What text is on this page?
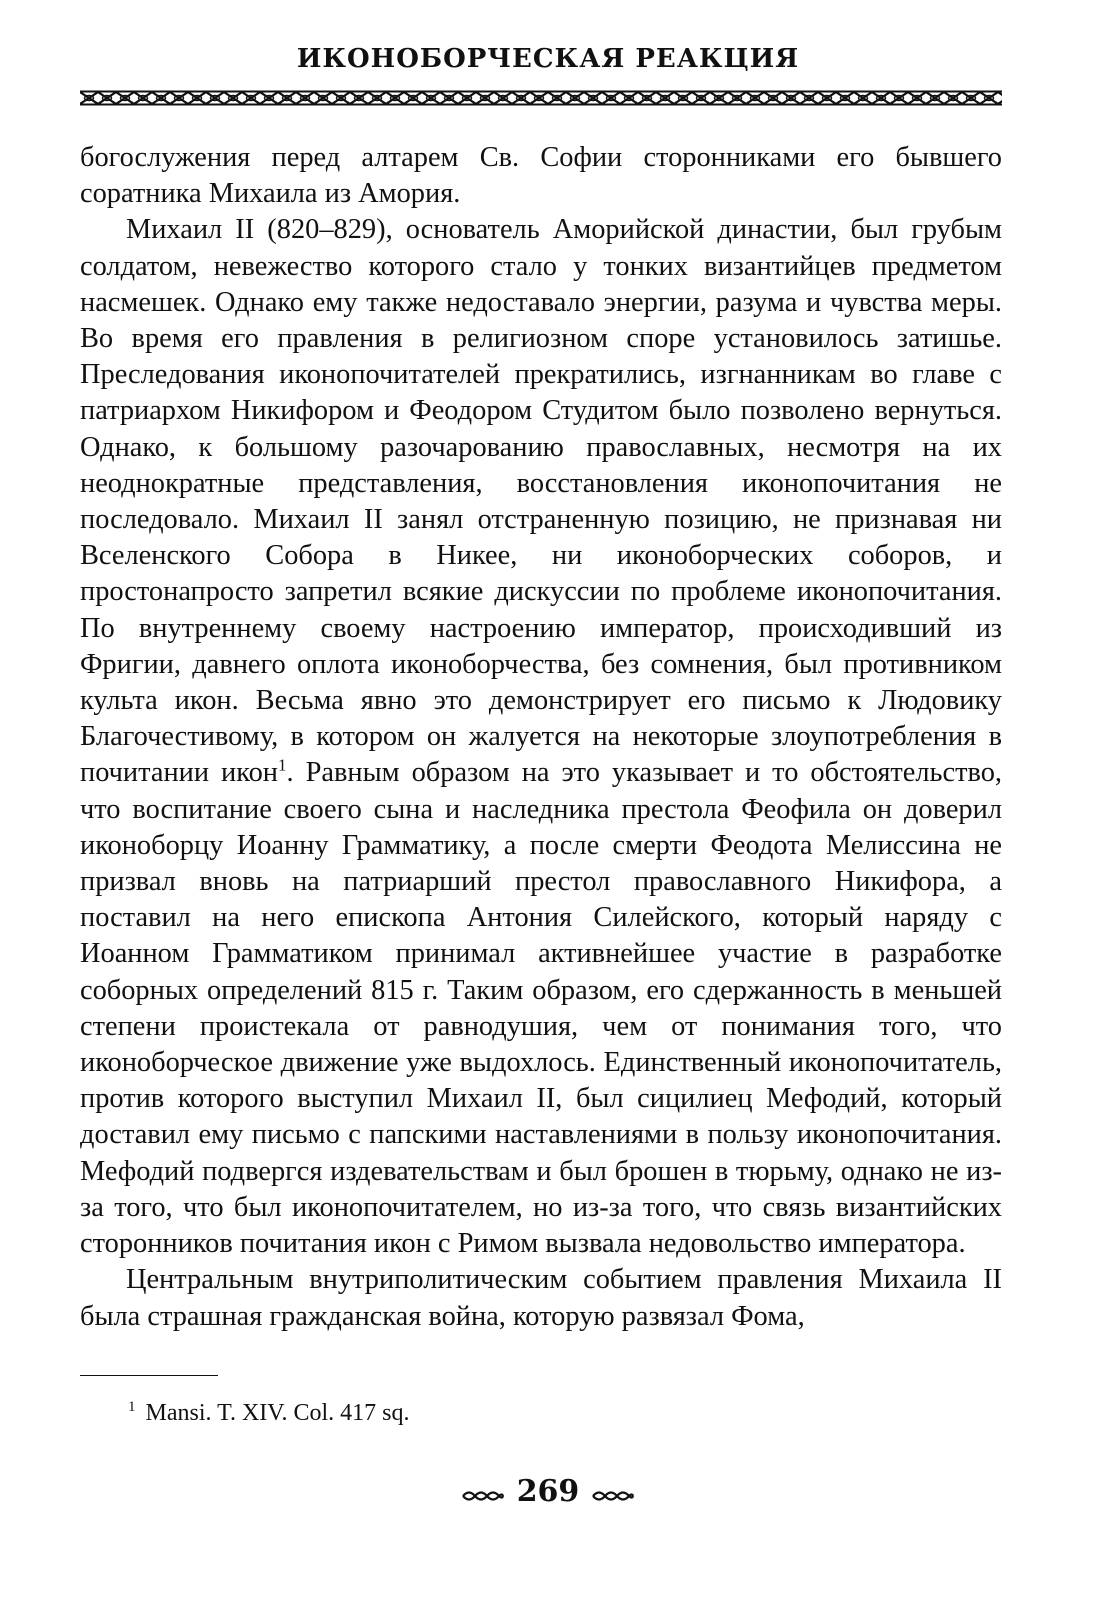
ИКОНОБОРЧЕСКАЯ РЕАКЦИЯ

богослужения перед алтарем Св. Софии сторонниками его бывшего соратника Михаила из Амория.

Михаил II (820–829), основатель Аморийской династии, был грубым солдатом, невежество которого стало у тонких византийцев предметом насмешек. Однако ему также недоставало энергии, разума и чувства меры. Во время его правления в религиозном споре установилось затишье. Преследования иконопочитателей прекратились, изгнанникам во главе с патриархом Никифором и Феодором Студитом было позволено вернуться. Однако, к большому разочарованию православных, несмотря на их неоднократные представления, восстановления иконопочитания не последовало. Михаил II занял отстраненную позицию, не признавая ни Вселенского Собора в Никее, ни иконоборческих соборов, и простонапросто запретил всякие дискуссии по проблеме иконопочитания. По внутреннему своему настроению император, происходивший из Фригии, давнего оплота иконоборчества, без сомнения, был противником культа икон. Весьма явно это демонстрирует его письмо к Людовику Благочестивому, в котором он жалуется на некоторые злоупотребления в почитании икон$^1$. Равным образом на это указывает и то обстоятельство, что воспитание своего сына и наследника престола Феофила он доверил иконоборцу Иоанну Грамматику, а после смерти Феодота Мелиссина не призвал вновь на патриарший престол православного Никифора, а поставил на него епископа Антония Силейского, который наряду с Иоанном Грамматиком принимал активнейшее участие в разработке соборных определений 815 г. Таким образом, его сдержанность в меньшей степени проистекала от равнодушия, чем от понимания того, что иконоборческое движение уже выдохлось. Единственный иконопочитатель, против которого выступил Михаил II, был сицилиец Мефодий, который доставил ему письмо с папскими наставлениями в пользу иконопочитания. Мефодий подвергся издевательствам и был брошен в тюрьму, однако не из-за того, что был иконопочитателем, но из-за того, что связь византийских сторонников почитания икон с Римом вызвала недовольство императора.

Центральным внутриполитическим событием правления Михаила II была страшная гражданская война, которую развязал Фома,

$^1$ Mansi. T. XIV. Col. 417 sq.
269
